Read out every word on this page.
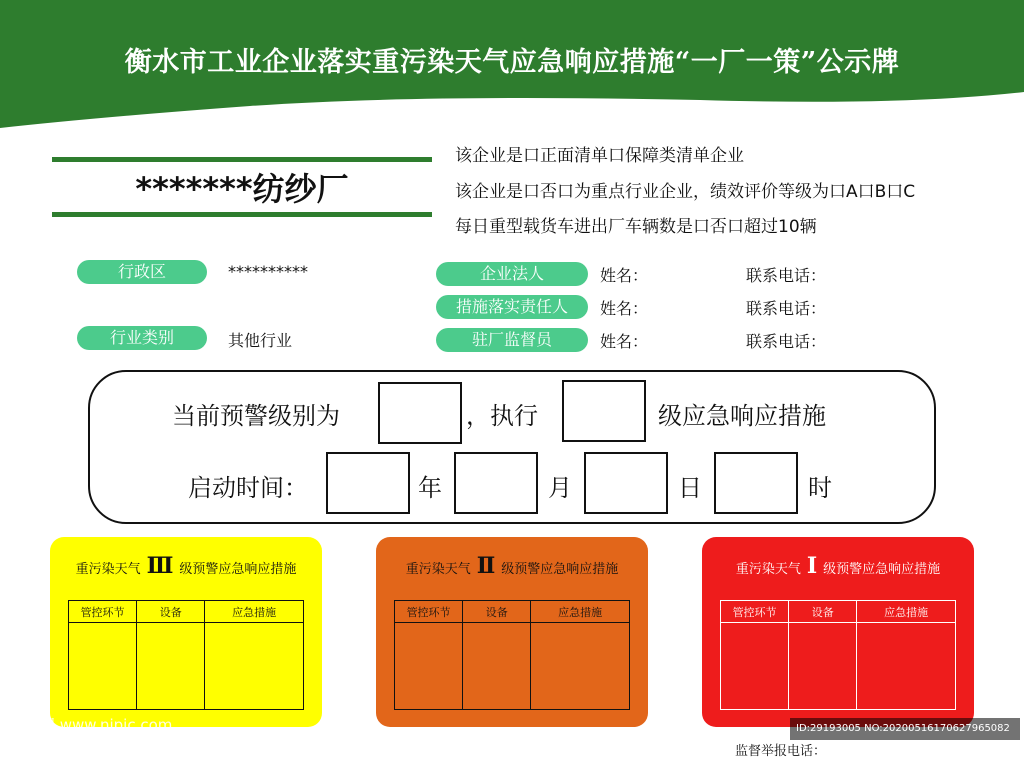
衡水市工业企业落实重污染天气应急响应措施“一厂一策”公示牌
*******纺纱厂
该企业是口正面清单口保障类清单企业
该企业是口否口为重点行业企业，绩效评价等级为口A口B口C
每日重型载货车进出厂车辆数是口否口超过10辆
行政区	**********
行业类别	其他行业
企业法人	姓名：	联系电话：
措施落实责任人	姓名：	联系电话：
驻厂监督员	姓名：	联系电话：
当前预警级别为	，执行	级应急响应措施
启动时间：	年	月	日	时
重污染天气 Ⅲ 级预警应急响应措施
管控环节	设备	应急措施

重污染天气 Ⅱ 级预警应急响应措施
管控环节	设备	应急措施

重污染天气 Ⅰ 级预警应急响应措施
管控环节	设备	应急措施

昵图网 www.nipic.com	ID:29193005 NO:20200516170627965082
监督举报电话：
